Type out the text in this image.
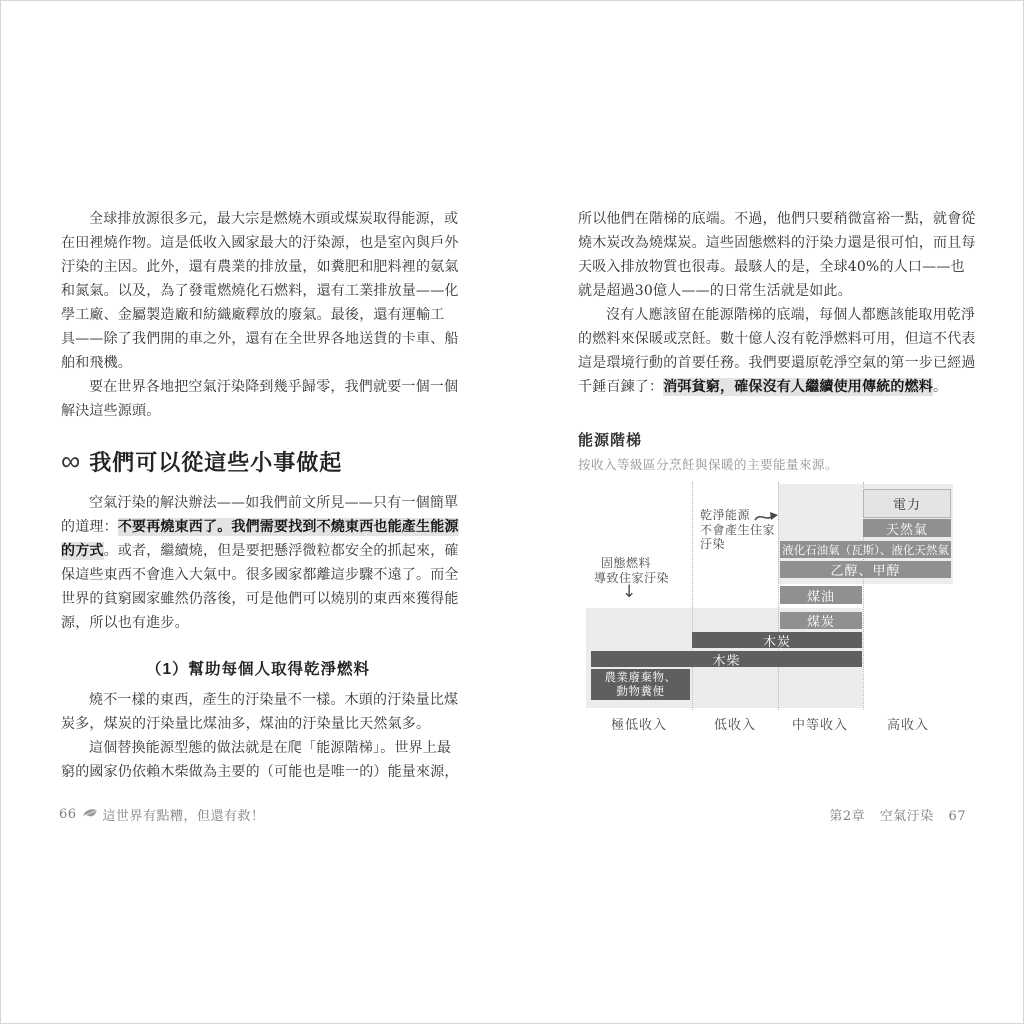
全球排放源很多元，最大宗是燃燒木頭或煤炭取得能源，或
在田裡燒作物。這是低收入國家最大的汙染源，也是室內與戶外
汙染的主因。此外，還有農業的排放量，如糞肥和肥料裡的氨氣
和氮氣。以及，為了發電燃燒化石燃料，還有工業排放量——化
學工廠、金屬製造廠和紡織廠釋放的廢氣。最後，還有運輸工
具——除了我們開的車之外，還有在全世界各地送貨的卡車、船
舶和飛機。
要在世界各地把空氣汙染降到幾乎歸零，我們就要一個一個
解決這些源頭。
∞ 我們可以從這些小事做起
空氣汙染的解決辦法——如我們前文所見——只有一個簡單
的道理：不要再燒東西了。我們需要找到不燒東西也能產生能源
的方式。或者，繼續燒，但是要把懸浮微粒都安全的抓起來，確
保這些東西不會進入大氣中。很多國家都離這步驟不遠了。而全
世界的貧窮國家雖然仍落後，可是他們可以燒別的東西來獲得能
源，所以也有進步。
（1）幫助每個人取得乾淨燃料
燒不一樣的東西，產生的汙染量不一樣。木頭的汙染量比煤
炭多，煤炭的汙染量比煤油多，煤油的汙染量比天然氣多。
這個替換能源型態的做法就是在爬「能源階梯」。世界上最
窮的國家仍依賴木柴做為主要的（可能也是唯一的）能量來源，
66 這世界有點糟，但還有救！
所以他們在階梯的底端。不過，他們只要稍微富裕一點，就會從
燒木炭改為燒煤炭。這些固態燃料的汙染力還是很可怕，而且每
天吸入排放物質也很毒。最駭人的是，全球40%的人口——也
就是超過30億人——的日常生活就是如此。
沒有人應該留在能源階梯的底端，每個人都應該能取用乾淨
的燃料來保暖或烹飪。數十億人沒有乾淨燃料可用，但這不代表
這是環境行動的首要任務。我們要還原乾淨空氣的第一步已經過
千錘百鍊了：消弭貧窮，確保沒有人繼續使用傳統的燃料。
能源階梯
按收入等級區分烹飪與保暖的主要能量來源。
電力
天然氣
液化石油氣（瓦斯）、液化天然氣
乙醇、甲醇
煤油
煤炭
木炭
木柴
農業廢棄物、
動物糞便
乾淨能源
不會產生住家
汙染
固態燃料
導致住家汙染
↓
極低收入	低收入	中等收入	高收入
第2章 空氣汙染 67
